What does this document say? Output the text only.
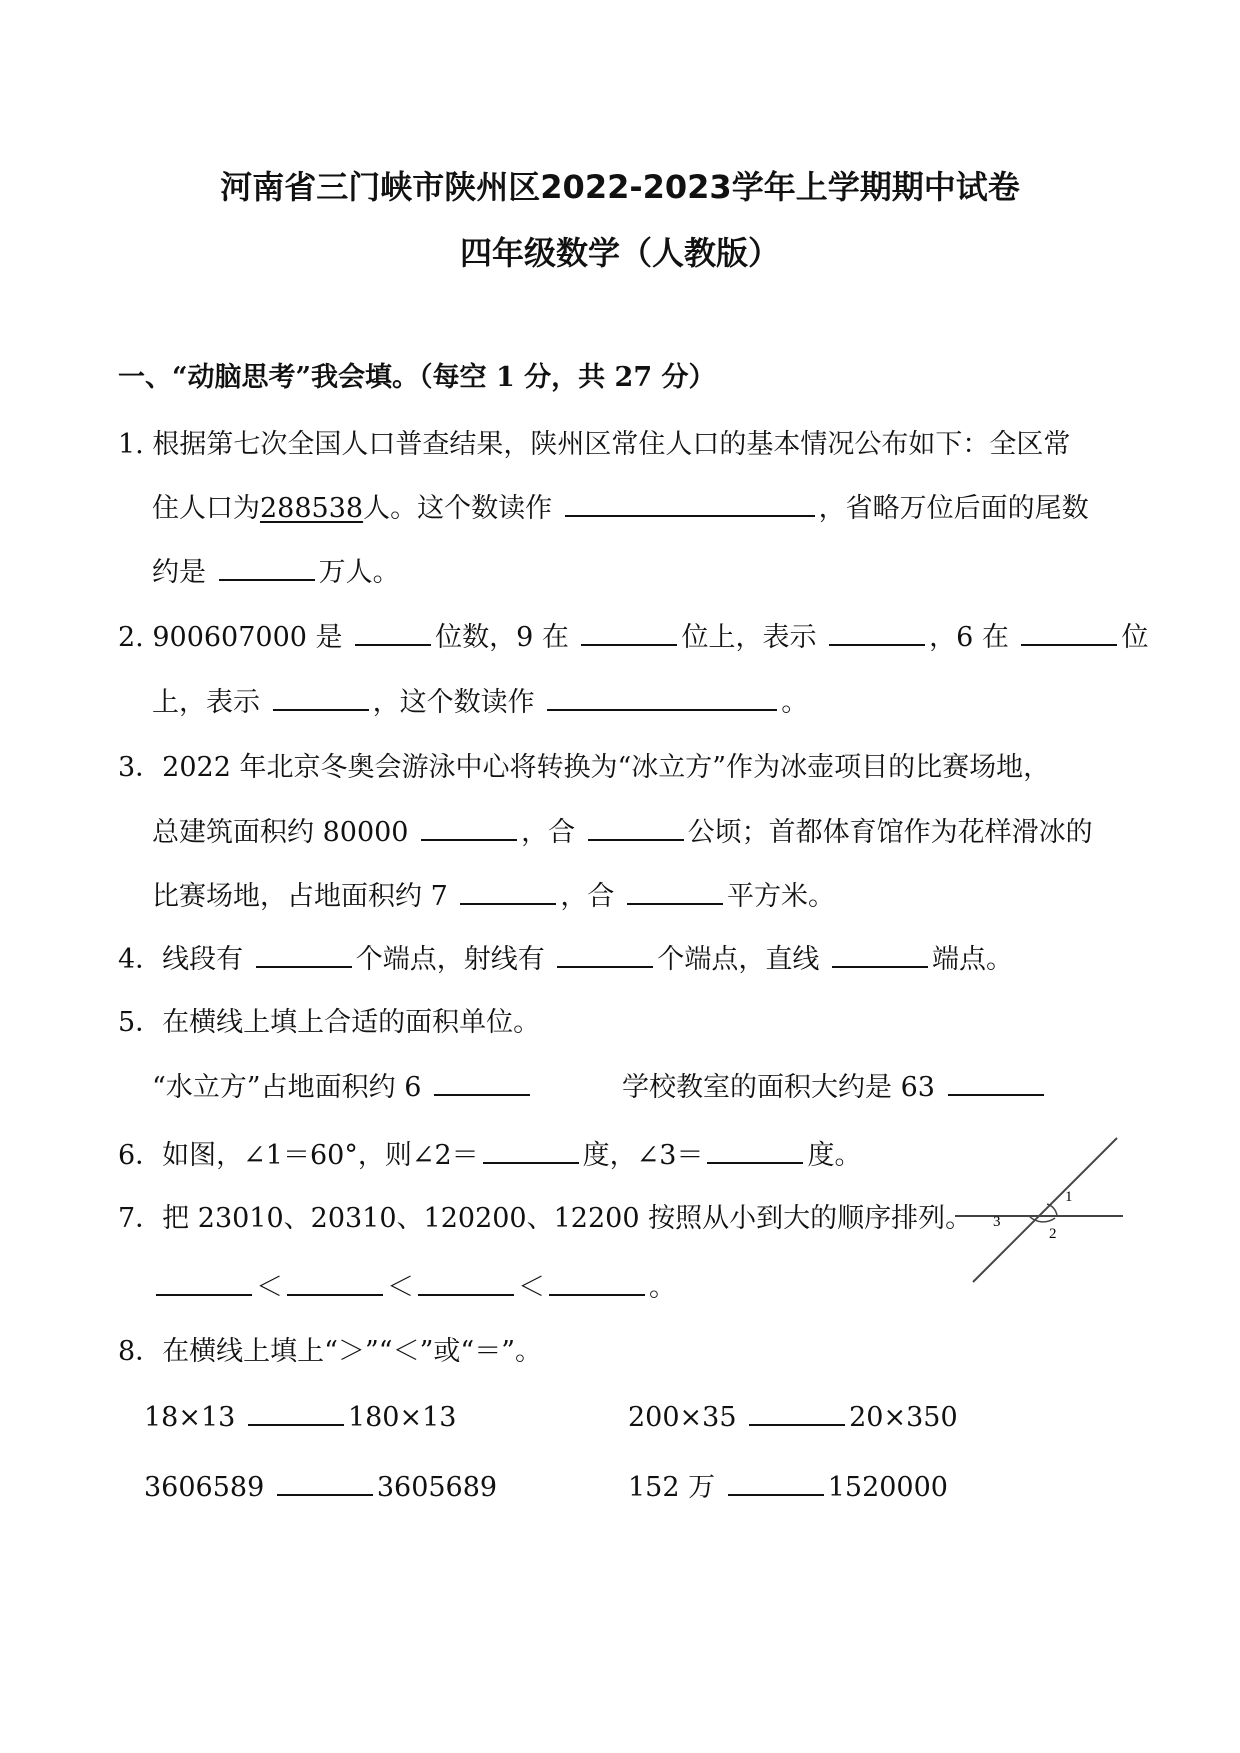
河南省三门峡市陕州区2022-2023学年上学期期中试卷
四年级数学（人教版）
一、“动脑思考”我会填。（每空 1 分，共 27 分）
1. 根据第七次全国人口普查结果，陕州区常住人口的基本情况公布如下：全区常
住人口为288538人。这个数读作	，省略万位后面的尾数
约是	万人。
2. 900607000 是	位数，9 在	位上，表示	，6 在	位
上，表示	，这个数读作	。
3．2022 年北京冬奥会游泳中心将转换为“冰立方”作为冰壶项目的比赛场地，
总建筑面积约 80000	，合	公顷；首都体育馆作为花样滑冰的
比赛场地，占地面积约 7	，合	平方米。
4．线段有	个端点，射线有	个端点，直线	端点。
5．在横线上填上合适的面积单位。
“水立方”占地面积约 6	学校教室的面积大约是 63
6．如图，∠1＝60°，则∠2＝	度，∠3＝	度。
1
2
3
7．把 23010、20310、120200、12200 按照从小到大的顺序排列。
＜	＜	＜	。
8．在横线上填上“＞”“＜”或“＝”。
18×13	180×13	200×35	20×350
3606589	3605689	152 万	1520000
